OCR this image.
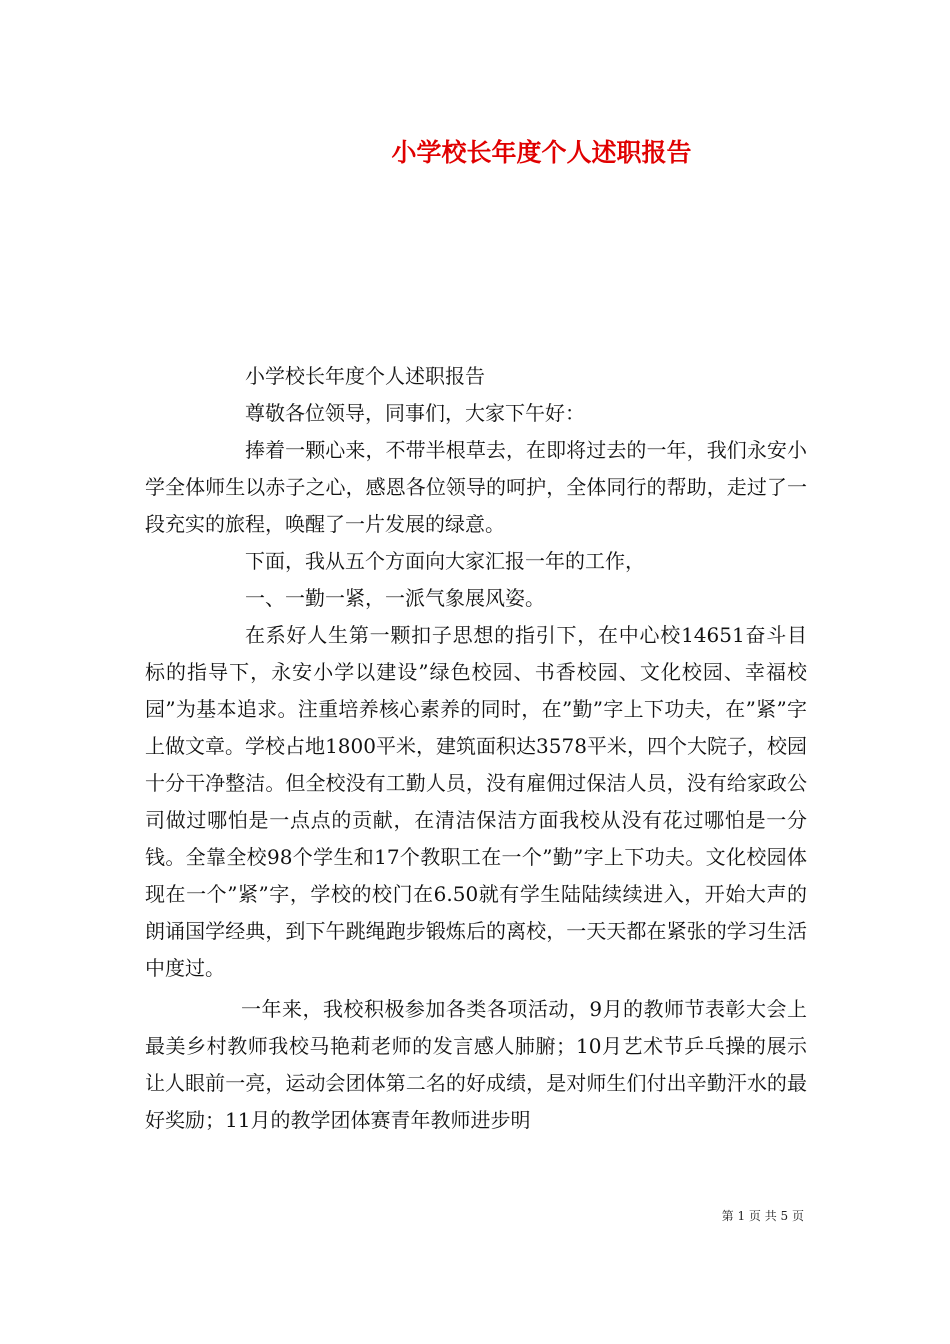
小学校长年度个人述职报告

小学校长年度个人述职报告

尊敬各位领导，同事们，大家下午好：

捧着一颗心来，不带半根草去，在即将过去的一年，我们永安小学全体师生以赤子之心，感恩各位领导的呵护，全体同行的帮助，走过了一段充实的旅程，唤醒了一片发展的绿意。

下面，我从五个方面向大家汇报一年的工作，

一、一勤一紧，一派气象展风姿。

在系好人生第一颗扣子思想的指引下，在中心校14651奋斗目标的指导下，永安小学以建设”绿色校园、书香校园、文化校园、幸福校园”为基本追求。注重培养核心素养的同时，在”勤”字上下功夫，在”紧”字上做文章。学校占地1800平米，建筑面积达3578平米，四个大院子，校园十分干净整洁。但全校没有工勤人员，没有雇佣过保洁人员，没有给家政公司做过哪怕是一点点的贡献，在清洁保洁方面我校从没有花过哪怕是一分钱。全靠全校98个学生和17个教职工在一个”勤”字上下功夫。文化校园体现在一个”紧”字，学校的校门在6.50就有学生陆陆续续进入，开始大声的朗诵国学经典，到下午跳绳跑步锻炼后的离校，一天天都在紧张的学习生活中度过。

一年来，我校积极参加各类各项活动，9月的教师节表彰大会上最美乡村教师我校马艳莉老师的发言感人肺腑；10月艺术节乒乓操的展示让人眼前一亮，运动会团体第二名的好成绩，是对师生们付出辛勤汗水的最好奖励；11月的教学团体赛青年教师进步明

第 1 页 共 5 页
